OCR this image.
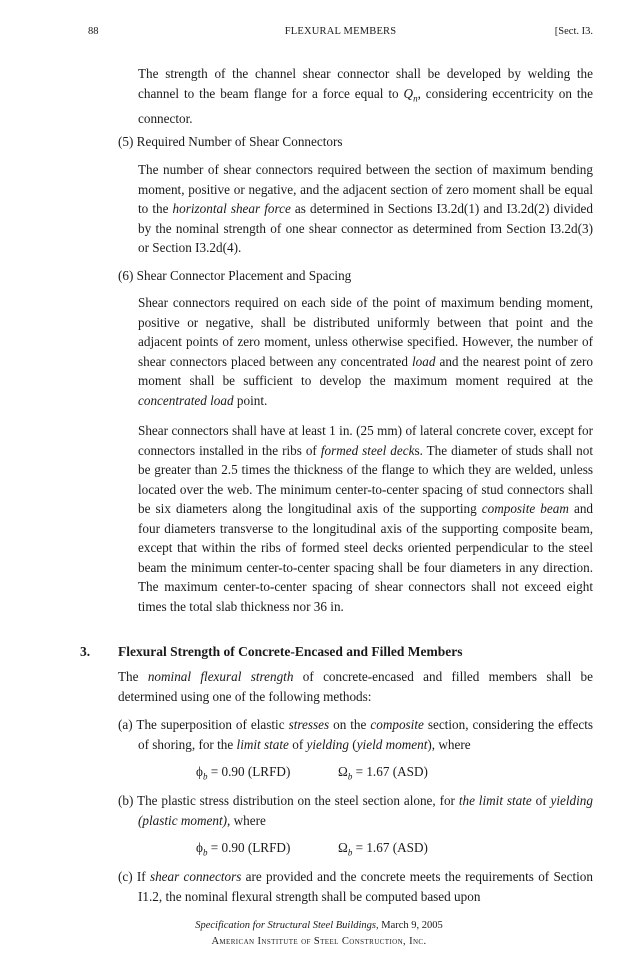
88	FLEXURAL MEMBERS	[Sect. I3.

The strength of the channel shear connector shall be developed by welding the channel to the beam flange for a force equal to $Q_n$, considering eccentricity on the connector.

(5) Required Number of Shear Connectors

The number of shear connectors required between the section of maximum bending moment, positive or negative, and the adjacent section of zero moment shall be equal to the horizontal shear force as determined in Sections I3.2d(1) and I3.2d(2) divided by the nominal strength of one shear connector as determined from Section I3.2d(3) or Section I3.2d(4).

(6) Shear Connector Placement and Spacing

Shear connectors required on each side of the point of maximum bending moment, positive or negative, shall be distributed uniformly between that point and the adjacent points of zero moment, unless otherwise specified. However, the number of shear connectors placed between any concentrated load and the nearest point of zero moment shall be sufficient to develop the maximum moment required at the concentrated load point.

Shear connectors shall have at least 1 in. (25 mm) of lateral concrete cover, except for connectors installed in the ribs of formed steel decks. The diameter of studs shall not be greater than 2.5 times the thickness of the flange to which they are welded, unless located over the web. The minimum center-to-center spacing of stud connectors shall be six diameters along the longitudinal axis of the supporting composite beam and four diameters transverse to the longitudinal axis of the supporting composite beam, except that within the ribs of formed steel decks oriented perpendicular to the steel beam the minimum center-to-center spacing shall be four diameters in any direction. The maximum center-to-center spacing of shear connectors shall not exceed eight times the total slab thickness nor 36 in.

3. Flexural Strength of Concrete-Encased and Filled Members

The nominal flexural strength of concrete-encased and filled members shall be determined using one of the following methods:

(a) The superposition of elastic stresses on the composite section, considering the effects of shoring, for the limit state of yielding (yield moment), where

$\phi_b = 0.90$ (LRFD)	$\Omega_b = 1.67$ (ASD)

(b) The plastic stress distribution on the steel section alone, for the limit state of yielding (plastic moment), where

$\phi_b = 0.90$ (LRFD)	$\Omega_b = 1.67$ (ASD)

(c) If shear connectors are provided and the concrete meets the requirements of Section I1.2, the nominal flexural strength shall be computed based upon

Specification for Structural Steel Buildings, March 9, 2005
American Institute of Steel Construction, Inc.
